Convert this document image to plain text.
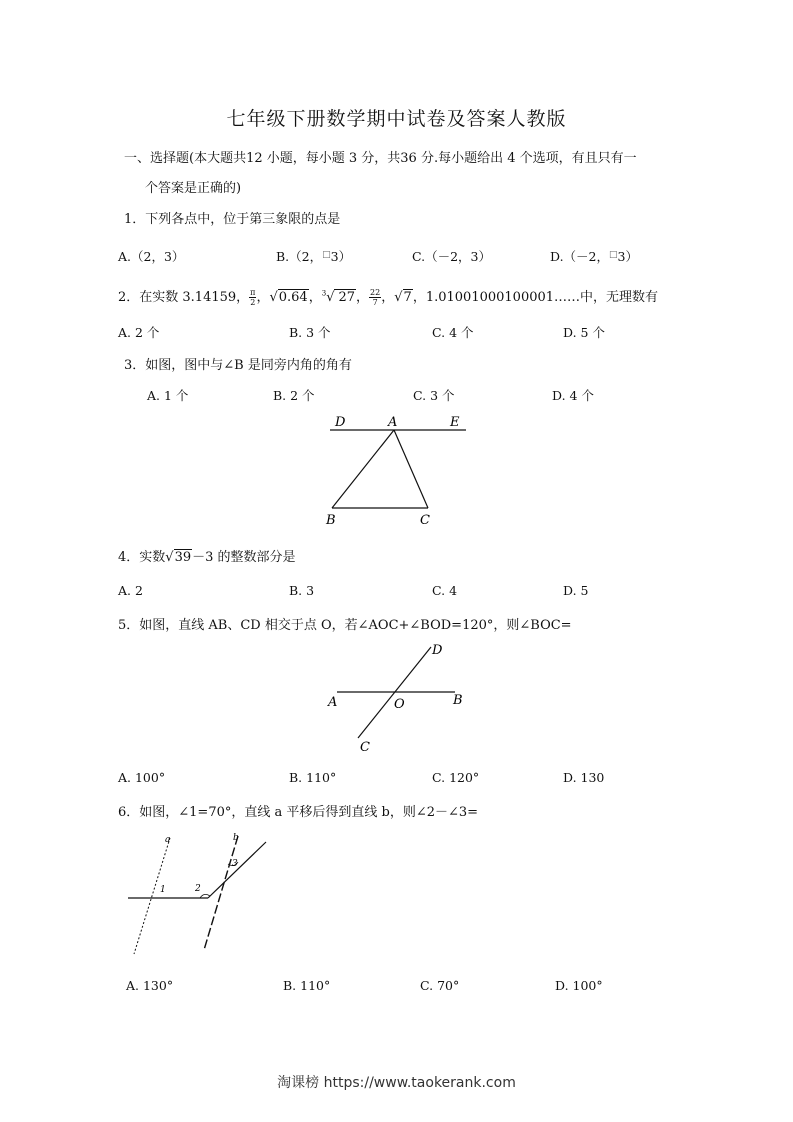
七年级下册数学期中试卷及答案人教版
一、选择题(本大题共12 小题，每小题 3 分，共36 分.每小题给出 4 个选项，有且只有一
个答案是正确的)
1．下列各点中，位于第三象限的点是
A.（2，3）	B.（2，□3）	C.（－2，3）	D.（－2，□3）
2．在实数 3.14159， $\frac{\pi}{2}$ ，√0.64，$^3$√ 27， $\frac{22}{7}$ ，√7，1.01001000100001……中，无理数有
A. 2 个	B. 3 个	C. 4 个	D. 5 个
3．如图，图中与∠B 是同旁内角的角有
A. 1 个	B. 2 个	C. 3 个	D. 4 个
D	A	E
B	C
4．实数√39－3 的整数部分是
A. 2	B. 3	C. 4	D. 5
5．如图，直线 AB、CD 相交于点 O，若∠AOC+∠BOD=120°，则∠BOC=
D
A	O	B
C
A. 100°	B. 110°	C. 120°	D. 130
6．如图，∠1=70°，直线 a 平移后得到直线 b，则∠2－∠3=
a	b
1	2
3
A. 130°	B. 110°	C. 70°	D. 100°
淘课榜 https://www.taokerank.com
